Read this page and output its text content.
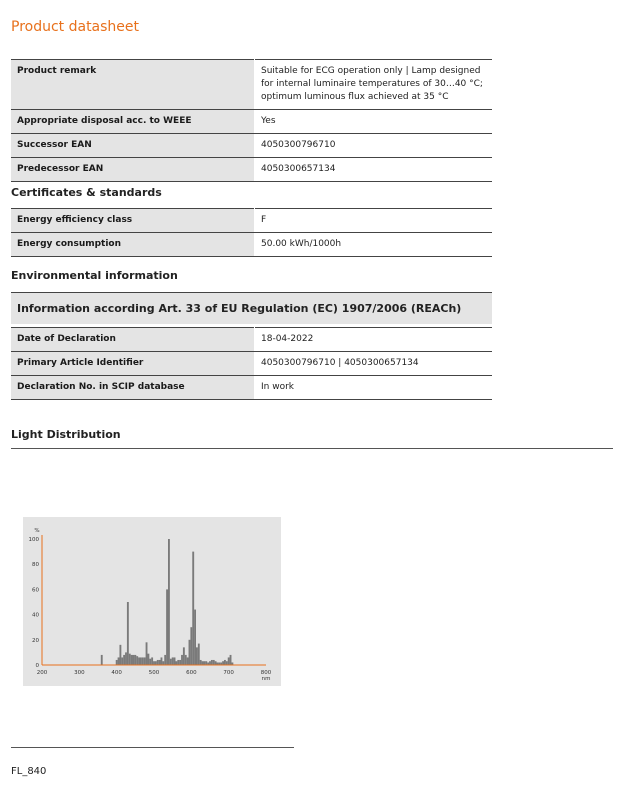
Product datasheet
Product remark	Suitable for ECG operation only | Lamp designed for internal luminaire temperatures of 30…40 °C; optimum luminous flux achieved at 35 °C
Appropriate disposal acc. to WEEE	Yes
Successor EAN	4050300796710
Predecessor EAN	4050300657134
Certificates & standards
Energy efficiency class	F
Energy consumption	50.00 kWh/1000h
Environmental information
Information according Art. 33 of EU Regulation (EC) 1907/2006 (REACh)
Date of Declaration	18-04-2022
Primary Article Identifier	4050300796710 | 4050300657134
Declaration No. in SCIP database	In work
Light Distribution
0
20
40
60
80
100
200	300	400	500	600	700	800
%
nm
FL_840
